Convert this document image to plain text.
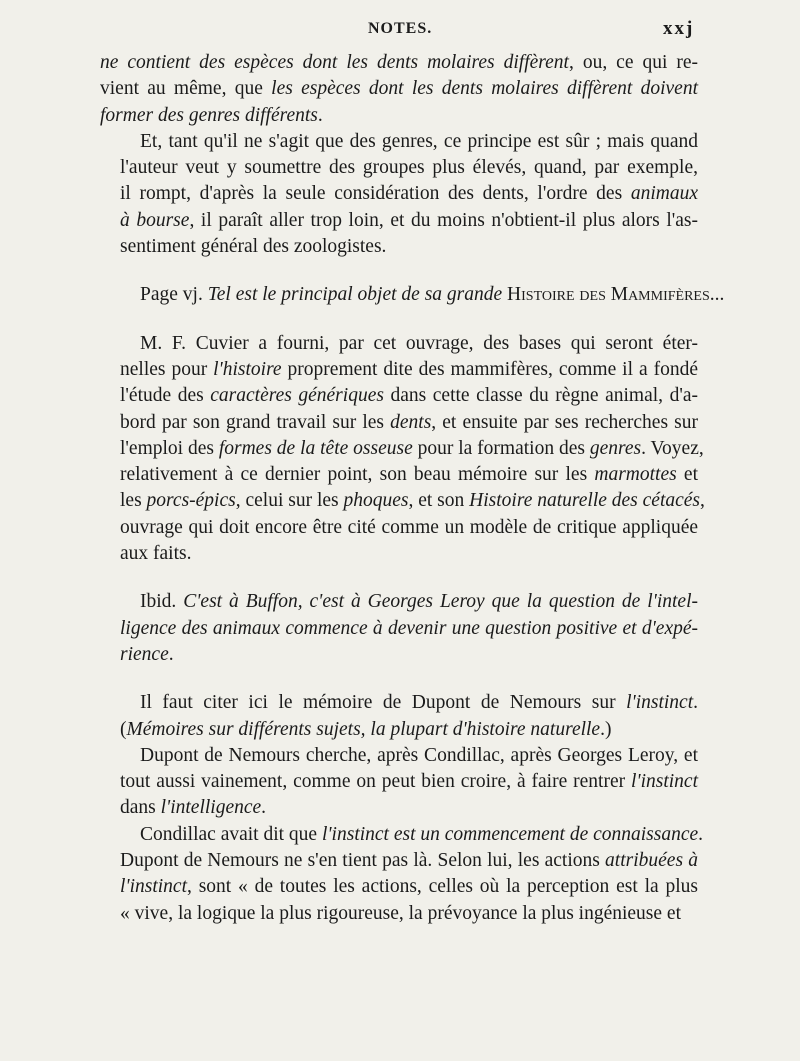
NOTES.	xxj
ne contient des espèces dont les dents molaires diffèrent, ou, ce qui re-
vient au même, que les espèces dont les dents molaires diffèrent doivent
former des genres différents.
Et, tant qu'il ne s'agit que des genres, ce principe est sûr ; mais quand
l'auteur veut y soumettre des groupes plus élevés, quand, par exemple,
il rompt, d'après la seule considération des dents, l'ordre des animaux
à bourse, il paraît aller trop loin, et du moins n'obtient-il plus alors l'as-
sentiment général des zoologistes.
Page vj. Tel est le principal objet de sa grande Histoire des Mammifères...
M. F. Cuvier a fourni, par cet ouvrage, des bases qui seront éter-
nelles pour l'histoire proprement dite des mammifères, comme il a fondé
l'étude des caractères génériques dans cette classe du règne animal, d'a-
bord par son grand travail sur les dents, et ensuite par ses recherches sur
l'emploi des formes de la tête osseuse pour la formation des genres. Voyez,
relativement à ce dernier point, son beau mémoire sur les marmottes et
les porcs-épics, celui sur les phoques, et son Histoire naturelle des cétacés,
ouvrage qui doit encore être cité comme un modèle de critique appliquée
aux faits.
Ibid. C'est à Buffon, c'est à Georges Leroy que la question de l'intel-
ligence des animaux commence à devenir une question positive et d'expé-
rience.
Il faut citer ici le mémoire de Dupont de Nemours sur l'instinct.
(Mémoires sur différents sujets, la plupart d'histoire naturelle.)
Dupont de Nemours cherche, après Condillac, après Georges Leroy, et
tout aussi vainement, comme on peut bien croire, à faire rentrer l'instinct
dans l'intelligence.
Condillac avait dit que l'instinct est un commencement de connaissance.
Dupont de Nemours ne s'en tient pas là. Selon lui, les actions attribuées à
l'instinct, sont « de toutes les actions, celles où la perception est la plus
« vive, la logique la plus rigoureuse, la prévoyance la plus ingénieuse et
